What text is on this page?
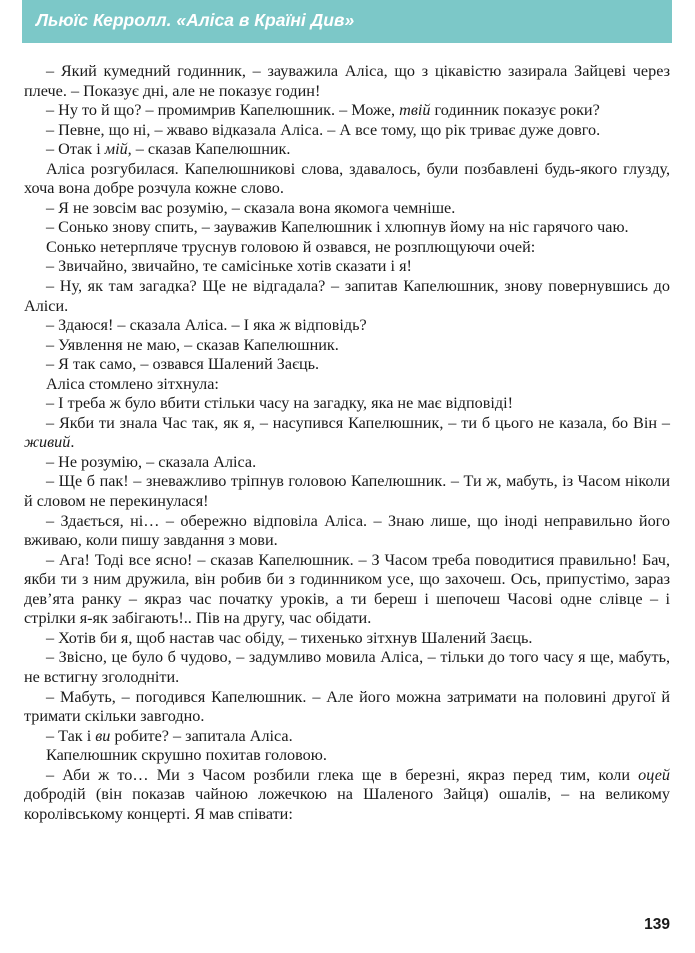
Льюїс Керролл. «Аліса в Країні Див»

– Який кумедний годинник, – зауважила Аліса, що з цікавістю зазирала Зайцеві через плече. – Показує дні, але не показує годин!

– Ну то й що? – промимрив Капелюшник. – Може, твій годинник показує роки?

– Певне, що ні, – жваво відказала Аліса. – А все тому, що рік триває дуже довго.

– Отак і мій, – сказав Капелюшник.

Аліса розгубилася. Капелюшникові слова, здавалось, були позбавлені будь-якого глузду, хоча вона добре розчула кожне слово.

– Я не зовсім вас розумію, – сказала вона якомога чемніше.

– Сонько знову спить, – зауважив Капелюшник і хлюпнув йому на ніс гарячого чаю.

Сонько нетерпляче труснув головою й озвався, не розплющуючи очей:

– Звичайно, звичайно, те самісіньке хотів сказати і я!

– Ну, як там загадка? Ще не відгадала? – запитав Капелюшник, знову повернувшись до Аліси.

– Здаюся! – сказала Аліса. – І яка ж відповідь?

– Уявлення не маю, – сказав Капелюшник.

– Я так само, – озвався Шалений Заєць.

Аліса стомлено зітхнула:

– І треба ж було вбити стільки часу на загадку, яка не має відповіді!

– Якби ти знала Час так, як я, – насупився Капелюшник, – ти б цього не казала, бо Він – живий.

– Не розумію, – сказала Аліса.

– Ще б пак! – зневажливо тріпнув головою Капелюшник. – Ти ж, мабуть, із Часом ніколи й словом не перекинулася!

– Здається, ні… – обережно відповіла Аліса. – Знаю лише, що іноді неправильно його вживаю, коли пишу завдання з мови.

– Ага! Тоді все ясно! – сказав Капелюшник. – З Часом треба поводитися правильно! Бач, якби ти з ним дружила, він робив би з годинником усе, що захочеш. Ось, припустімо, зараз дев’ята ранку – якраз час початку уроків, а ти береш і шепочеш Часові одне слівце – і стрілки я-як забігають!.. Пів на другу, час обідати.

– Хотів би я, щоб настав час обіду, – тихенько зітхнув Шалений Заєць.

– Звісно, це було б чудово, – задумливо мовила Аліса, – тільки до того часу я ще, мабуть, не встигну зголодніти.

– Мабуть, – погодився Капелюшник. – Але його можна затримати на половині другої й тримати скільки завгодно.

– Так і ви робите? – запитала Аліса.

Капелюшник скрушно похитав головою.

– Аби ж то… Ми з Часом розбили глека ще в березні, якраз перед тим, коли оцей добродій (він показав чайною ложечкою на Шаленого Зайця) ошалів, – на великому королівському концерті. Я мав співати:

139
